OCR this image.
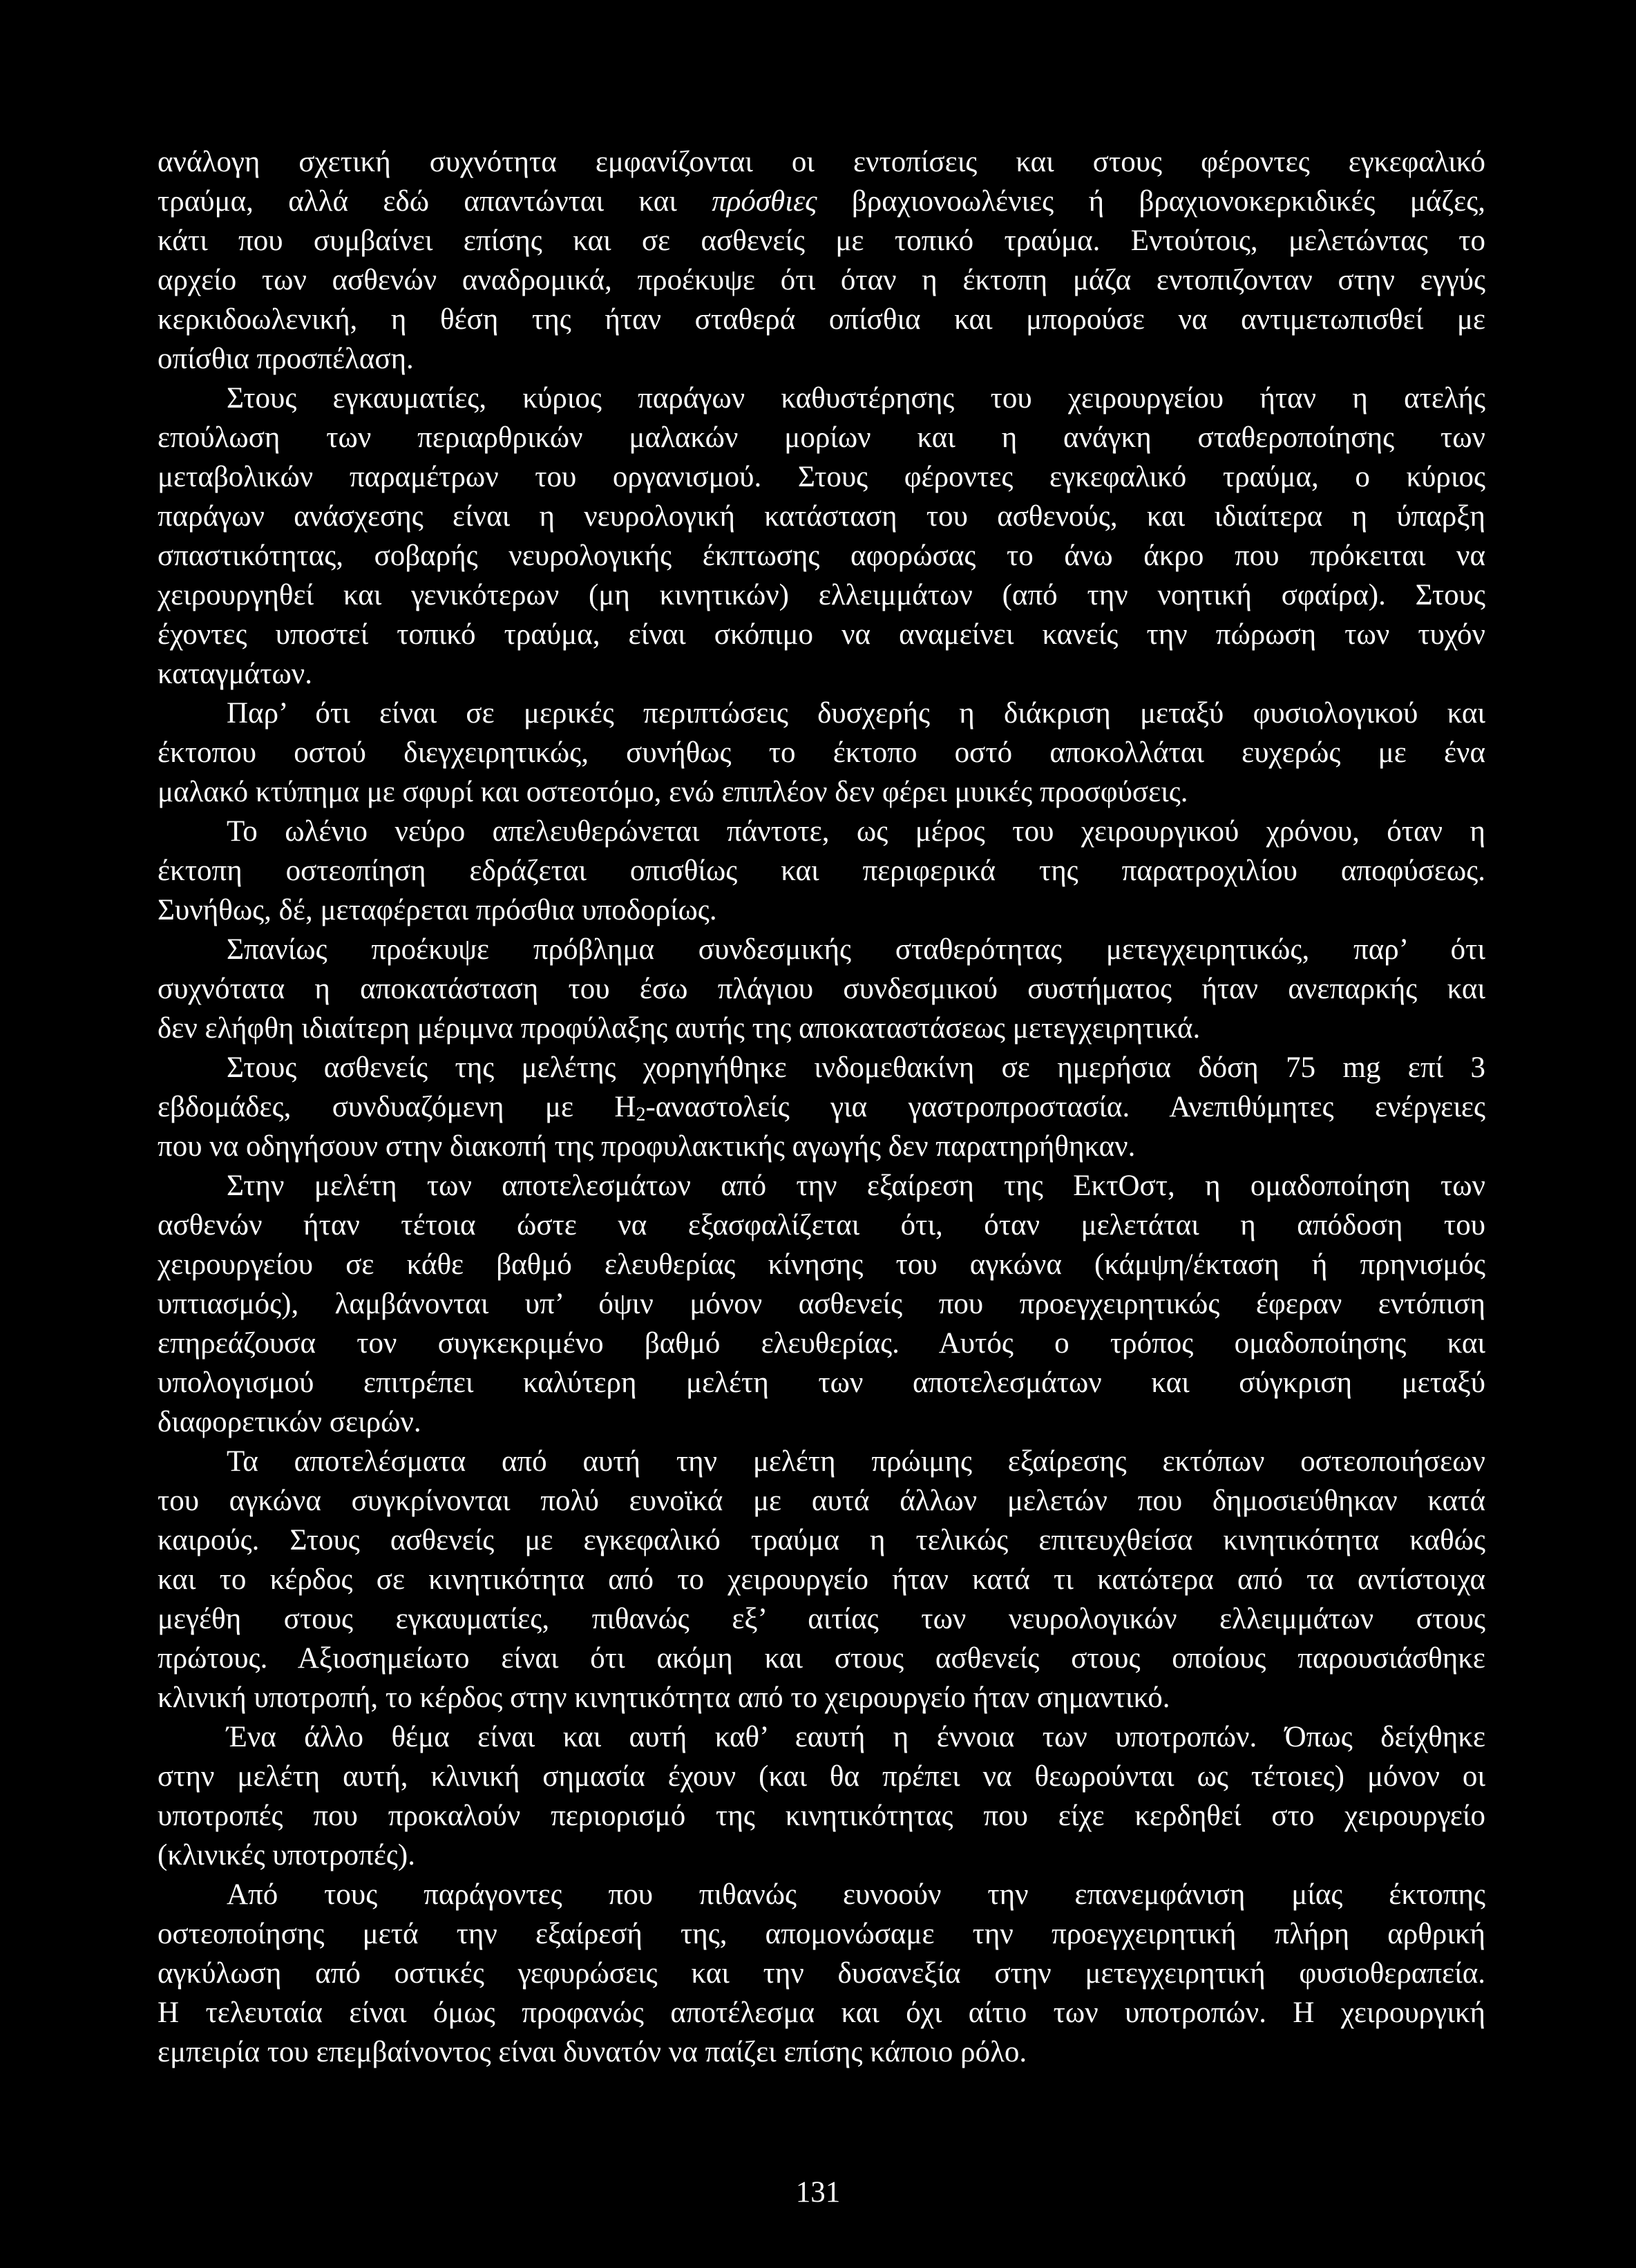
ανάλογη σχετική συχνότητα εμφανίζονται οι εντοπίσεις και στους φέροντες εγκεφαλικό
τραύμα, αλλά εδώ απαντώνται και πρόσθιες βραχιονοωλένιες ή βραχιονοκερκιδικές μάζες,
κάτι που συμβαίνει επίσης και σε ασθενείς με τοπικό τραύμα. Εντούτοις, μελετώντας το
αρχείο των ασθενών αναδρομικά, προέκυψε ότι όταν η έκτοπη μάζα εντοπιζονταν στην εγγύς
κερκιδοωλενική, η θέση της ήταν σταθερά οπίσθια και μπορούσε να αντιμετωπισθεί με
οπίσθια προσπέλαση.
Στους εγκαυματίες, κύριος παράγων καθυστέρησης του χειρουργείου ήταν η ατελής
επούλωση των περιαρθρικών μαλακών μορίων και η ανάγκη σταθεροποίησης των
μεταβολικών παραμέτρων του οργανισμού. Στους φέροντες εγκεφαλικό τραύμα, ο κύριος
παράγων ανάσχεσης είναι η νευρολογική κατάσταση του ασθενούς, και ιδιαίτερα η ύπαρξη
σπαστικότητας, σοβαρής νευρολογικής έκπτωσης αφορώσας το άνω άκρο που πρόκειται να
χειρουργηθεί και γενικότερων (μη κινητικών) ελλειμμάτων (από την νοητική σφαίρα). Στους
έχοντες υποστεί τοπικό τραύμα, είναι σκόπιμο να αναμείνει κανείς την πώρωση των τυχόν
καταγμάτων.
Παρ’ ότι είναι σε μερικές περιπτώσεις δυσχερής η διάκριση μεταξύ φυσιολογικού και
έκτοπου οστού διεγχειρητικώς, συνήθως το έκτοπο οστό αποκολλάται ευχερώς με ένα
μαλακό κτύπημα με σφυρί και οστεοτόμο, ενώ επιπλέον δεν φέρει μυικές προσφύσεις.
Το ωλένιο νεύρο απελευθερώνεται πάντοτε, ως μέρος του χειρουργικού χρόνου, όταν η
έκτοπη οστεοπίηση εδράζεται οπισθίως και περιφερικά της παρατροχιλίου αποφύσεως.
Συνήθως, δέ, μεταφέρεται πρόσθια υποδορίως.
Σπανίως προέκυψε πρόβλημα συνδεσμικής σταθερότητας μετεγχειρητικώς, παρ’ ότι
συχνότατα η αποκατάσταση του έσω πλάγιου συνδεσμικού συστήματος ήταν ανεπαρκής και
δεν ελήφθη ιδιαίτερη μέριμνα προφύλαξης αυτής της αποκαταστάσεως μετεγχειρητικά.
Στους ασθενείς της μελέτης χορηγήθηκε ινδομεθακίνη σε ημερήσια δόση 75 mg επί 3
εβδομάδες, συνδυαζόμενη με $H_2$-αναστολείς για γαστροπροστασία. Ανεπιθύμητες ενέργειες
που να οδηγήσουν στην διακοπή της προφυλακτικής αγωγής δεν παρατηρήθηκαν.
Στην μελέτη των αποτελεσμάτων από την εξαίρεση της ΕκτΟστ, η ομαδοποίηση των
ασθενών ήταν τέτοια ώστε να εξασφαλίζεται ότι, όταν μελετάται η απόδοση του
χειρουργείου σε κάθε βαθμό ελευθερίας κίνησης του αγκώνα (κάμψη/έκταση ή πρηνισμός
υπτιασμός), λαμβάνονται υπ’ όψιν μόνον ασθενείς που προεγχειρητικώς έφεραν εντόπιση
επηρεάζουσα τον συγκεκριμένο βαθμό ελευθερίας. Αυτός ο τρόπος ομαδοποίησης και
υπολογισμού επιτρέπει καλύτερη μελέτη των αποτελεσμάτων και σύγκριση μεταξύ
διαφορετικών σειρών.
Τα αποτελέσματα από αυτή την μελέτη πρώιμης εξαίρεσης εκτόπων οστεοποιήσεων
του αγκώνα συγκρίνονται πολύ ευνοϊκά με αυτά άλλων μελετών που δημοσιεύθηκαν κατά
καιρούς. Στους ασθενείς με εγκεφαλικό τραύμα η τελικώς επιτευχθείσα κινητικότητα καθώς
και το κέρδος σε κινητικότητα από το χειρουργείο ήταν κατά τι κατώτερα από τα αντίστοιχα
μεγέθη στους εγκαυματίες, πιθανώς εξ’ αιτίας των νευρολογικών ελλειμμάτων στους
πρώτους. Αξιοσημείωτο είναι ότι ακόμη και στους ασθενείς στους οποίους παρουσιάσθηκε
κλινική υποτροπή, το κέρδος στην κινητικότητα από το χειρουργείο ήταν σημαντικό.
Ένα άλλο θέμα είναι και αυτή καθ’ εαυτή η έννοια των υποτροπών. Όπως δείχθηκε
στην μελέτη αυτή, κλινική σημασία έχουν (και θα πρέπει να θεωρούνται ως τέτοιες) μόνον οι
υποτροπές που προκαλούν περιορισμό της κινητικότητας που είχε κερδηθεί στο χειρουργείο
(κλινικές υποτροπές).
Από τους παράγοντες που πιθανώς ευνοούν την επανεμφάνιση μίας έκτοπης
οστεοποίησης μετά την εξαίρεσή της, απομονώσαμε την προεγχειρητική πλήρη αρθρική
αγκύλωση από οστικές γεφυρώσεις και την δυσανεξία στην μετεγχειρητική φυσιοθεραπεία.
Η τελευταία είναι όμως προφανώς αποτέλεσμα και όχι αίτιο των υποτροπών. Η χειρουργική
εμπειρία του επεμβαίνοντος είναι δυνατόν να παίζει επίσης κάποιο ρόλο.
131
